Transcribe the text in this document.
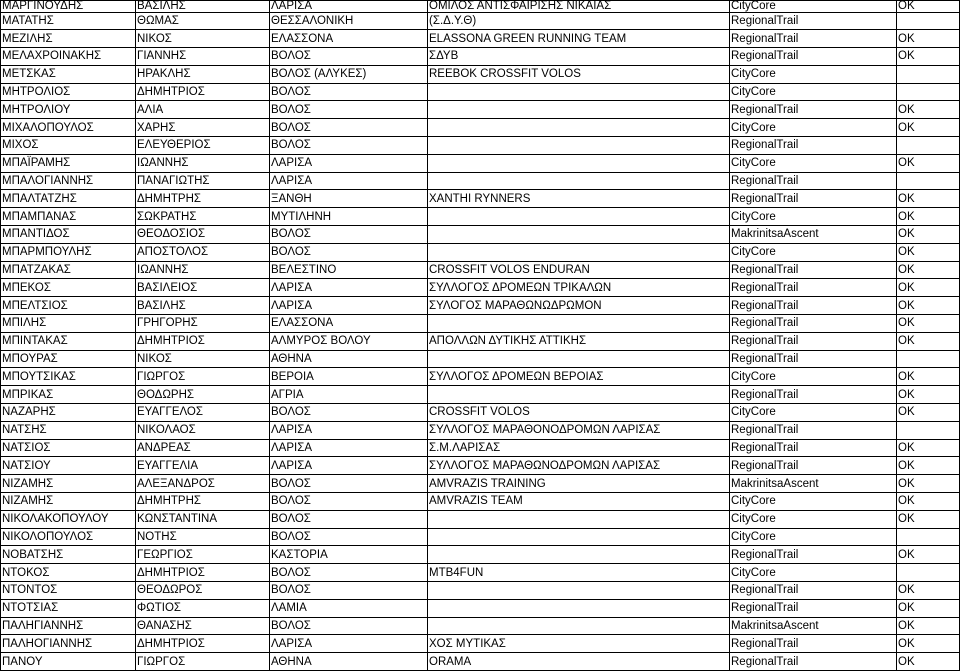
ΜΑΡΓΙΝΟΥΔΗΣ	ΒΑΣΙΛΗΣ	ΛΑΡΙΣΑ	ΟΜΙΛΟΣ ΑΝΤΙΣΦΑΙΡΙΣΗΣ ΝΙΚΑΙΑΣ	CityCore	OK
ΜΑΤΑΤΗΣ	ΘΩΜΑΣ	ΘΕΣΣΑΛΟΝΙΚΗ	(Σ.Δ.Υ.Θ)	RegionalTrail	
ΜΕΖΙΛΗΣ	ΝΙΚΟΣ	ΕΛΑΣΣΟΝΑ	ELASSONA GREEN RUNNING TEAM	RegionalTrail	OK
ΜΕΛΑΧΡΟΙΝΑΚΗΣ	ΓΙΑΝΝΗΣ	ΒΟΛΟΣ	ΣΔΥΒ	RegionalTrail	OK
ΜΕΤΣΚΑΣ	ΗΡΑΚΛΗΣ	ΒΟΛΟΣ (ΑΛΥΚΕΣ)	REEBOK CROSSFIT VOLOS	CityCore	
ΜΗΤΡΟΛΙΟΣ	ΔΗΜΗΤΡΙΟΣ	ΒΟΛΟΣ		CityCore	
ΜΗΤΡΟΛΙΟΥ	ΑΛΙΑ	ΒΟΛΟΣ		RegionalTrail	OK
ΜΙΧΑΛΟΠΟΥΛΟΣ	ΧΑΡΗΣ	ΒΟΛΟΣ		CityCore	OK
ΜΙΧΟΣ	ΕΛΕΥΘΕΡΙΟΣ	ΒΟΛΟΣ		RegionalTrail	
ΜΠΑΪΡΑΜΗΣ	ΙΩΑΝΝΗΣ	ΛΑΡΙΣΑ		CityCore	OK
ΜΠΑΛΟΓΙΑΝΝΗΣ	ΠΑΝΑΓΙΩΤΗΣ	ΛΑΡΙΣΑ		RegionalTrail	
ΜΠΑΛΤΑΤΖΗΣ	ΔΗΜΗΤΡΗΣ	ΞΑΝΘΗ	XANTHI RYNNERS	RegionalTrail	OK
ΜΠΑΜΠΑΝΑΣ	ΣΩΚΡΑΤΗΣ	ΜΥΤΙΛΗΝΗ		CityCore	OK
ΜΠΑΝΤΙΔΟΣ	ΘΕΟΔΟΣΙΟΣ	ΒΟΛΟΣ		MakrinitsaAscent	OK
ΜΠΑΡΜΠΟΥΛΗΣ	ΑΠΟΣΤΟΛΟΣ	ΒΟΛΟΣ		CityCore	OK
ΜΠΑΤΖΑΚΑΣ	ΙΩΑΝΝΗΣ	ΒΕΛΕΣΤΙΝΟ	CROSSFIT VOLOS ENDURAN	RegionalTrail	OK
ΜΠΕΚΟΣ	ΒΑΣΙΛΕΙΟΣ	ΛΑΡΙΣΑ	ΣΥΛΛΟΓΟΣ ΔΡΟΜΕΩΝ ΤΡΙΚΑΛΩΝ	RegionalTrail	OK
ΜΠΕΛΤΣΙΟΣ	ΒΑΣΙΛΗΣ	ΛΑΡΙΣΑ	ΣΥΛΟΓΟΣ ΜΑΡΑΘΩΝΩΔΡΩΜΟΝ	RegionalTrail	OK
ΜΠΙΛΗΣ	ΓΡΗΓΟΡΗΣ	ΕΛΑΣΣΟΝΑ		RegionalTrail	OK
ΜΠΙΝΤΑΚΑΣ	ΔΗΜΗΤΡΙΟΣ	ΑΛΜΥΡΟΣ ΒΟΛΟΥ	ΑΠΟΛΛΩΝ ΔΥΤΙΚΗΣ ΑΤΤΙΚΗΣ	RegionalTrail	OK
ΜΠΟΥΡΑΣ	ΝΙΚΟΣ	ΑΘΗΝΑ		RegionalTrail	
ΜΠΟΥΤΣΙΚΑΣ	ΓΙΩΡΓΟΣ	ΒΕΡΟΙΑ	ΣΥΛΛΟΓΟΣ ΔΡΟΜΕΩΝ ΒΕΡΟΙΑΣ	CityCore	OK
ΜΠΡΙΚΑΣ	ΘΟΔΩΡΗΣ	ΑΓΡΙΑ		RegionalTrail	OK
ΝΑΖΑΡΗΣ	ΕΥΑΓΓΕΛΟΣ	ΒΟΛΟΣ	CROSSFIT VOLOS	CityCore	OK
ΝΑΤΣΗΣ	ΝΙΚΟΛΑΟΣ	ΛΑΡΙΣΑ	ΣΥΛΛΟΓΟΣ ΜΑΡΑΘΟΝΟΔΡΟΜΩΝ ΛΑΡΙΣΑΣ	RegionalTrail	
ΝΑΤΣΙΟΣ	ΑΝΔΡΕΑΣ	ΛΑΡΙΣΑ	Σ.Μ.ΛΑΡΙΣΑΣ	RegionalTrail	OK
ΝΑΤΣΙΟΥ	ΕΥΑΓΓΕΛΙΑ	ΛΑΡΙΣΑ	ΣΥΛΛΟΓΟΣ ΜΑΡΑΘΩΝΟΔΡΟΜΩΝ ΛΑΡΙΣΑΣ	RegionalTrail	OK
ΝΙΖΑΜΗΣ	ΑΛΕΞΑΝΔΡΟΣ	ΒΟΛΟΣ	AMVRAZIS TRAINING	MakrinitsaAscent	OK
ΝΙΖΑΜΗΣ	ΔΗΜΗΤΡΗΣ	ΒΟΛΟΣ	AMVRAZIS TEAM	CityCore	OK
ΝΙΚΟΛΑΚΟΠΟΥΛΟΥ	ΚΩΝΣΤΑΝΤΙΝΑ	ΒΟΛΟΣ		CityCore	OK
ΝΙΚΟΛΟΠΟΥΛΟΣ	ΝΟΤΗΣ	ΒΟΛΟΣ		CityCore	
ΝΟΒΑΤΣΗΣ	ΓΕΩΡΓΙΟΣ	ΚΑΣΤΟΡΙΑ		RegionalTrail	OK
ΝΤΟΚΟΣ	ΔΗΜΗΤΡΙΟΣ	ΒΟΛΟΣ	MTB4FUN	CityCore	
ΝΤΟΝΤΟΣ	ΘΕΟΔΩΡΟΣ	ΒΟΛΟΣ		RegionalTrail	OK
ΝΤΟΤΣΙΑΣ	ΦΩΤΙΟΣ	ΛΑΜΙΑ		RegionalTrail	OK
ΠΑΛΗΓΙΑΝΝΗΣ	ΘΑΝΑΣΗΣ	ΒΟΛΟΣ		MakrinitsaAscent	OK
ΠΑΛΗΟΓΙΑΝΝΗΣ	ΔΗΜΗΤΡΙΟΣ	ΛΑΡΙΣΑ	ΧΟΣ ΜΥΤΙΚΑΣ	RegionalTrail	OK
ΠΑΝΟΥ	ΓΙΩΡΓΟΣ	ΑΘΗΝΑ	ORAMA	RegionalTrail	OK
